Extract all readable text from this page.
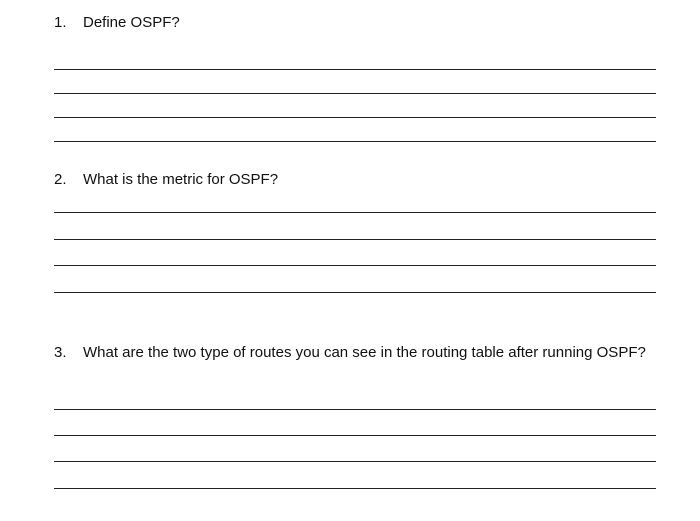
1. Define OSPF?
2. What is the metric for OSPF?
3. What are the two type of routes you can see in the routing table after running OSPF?
